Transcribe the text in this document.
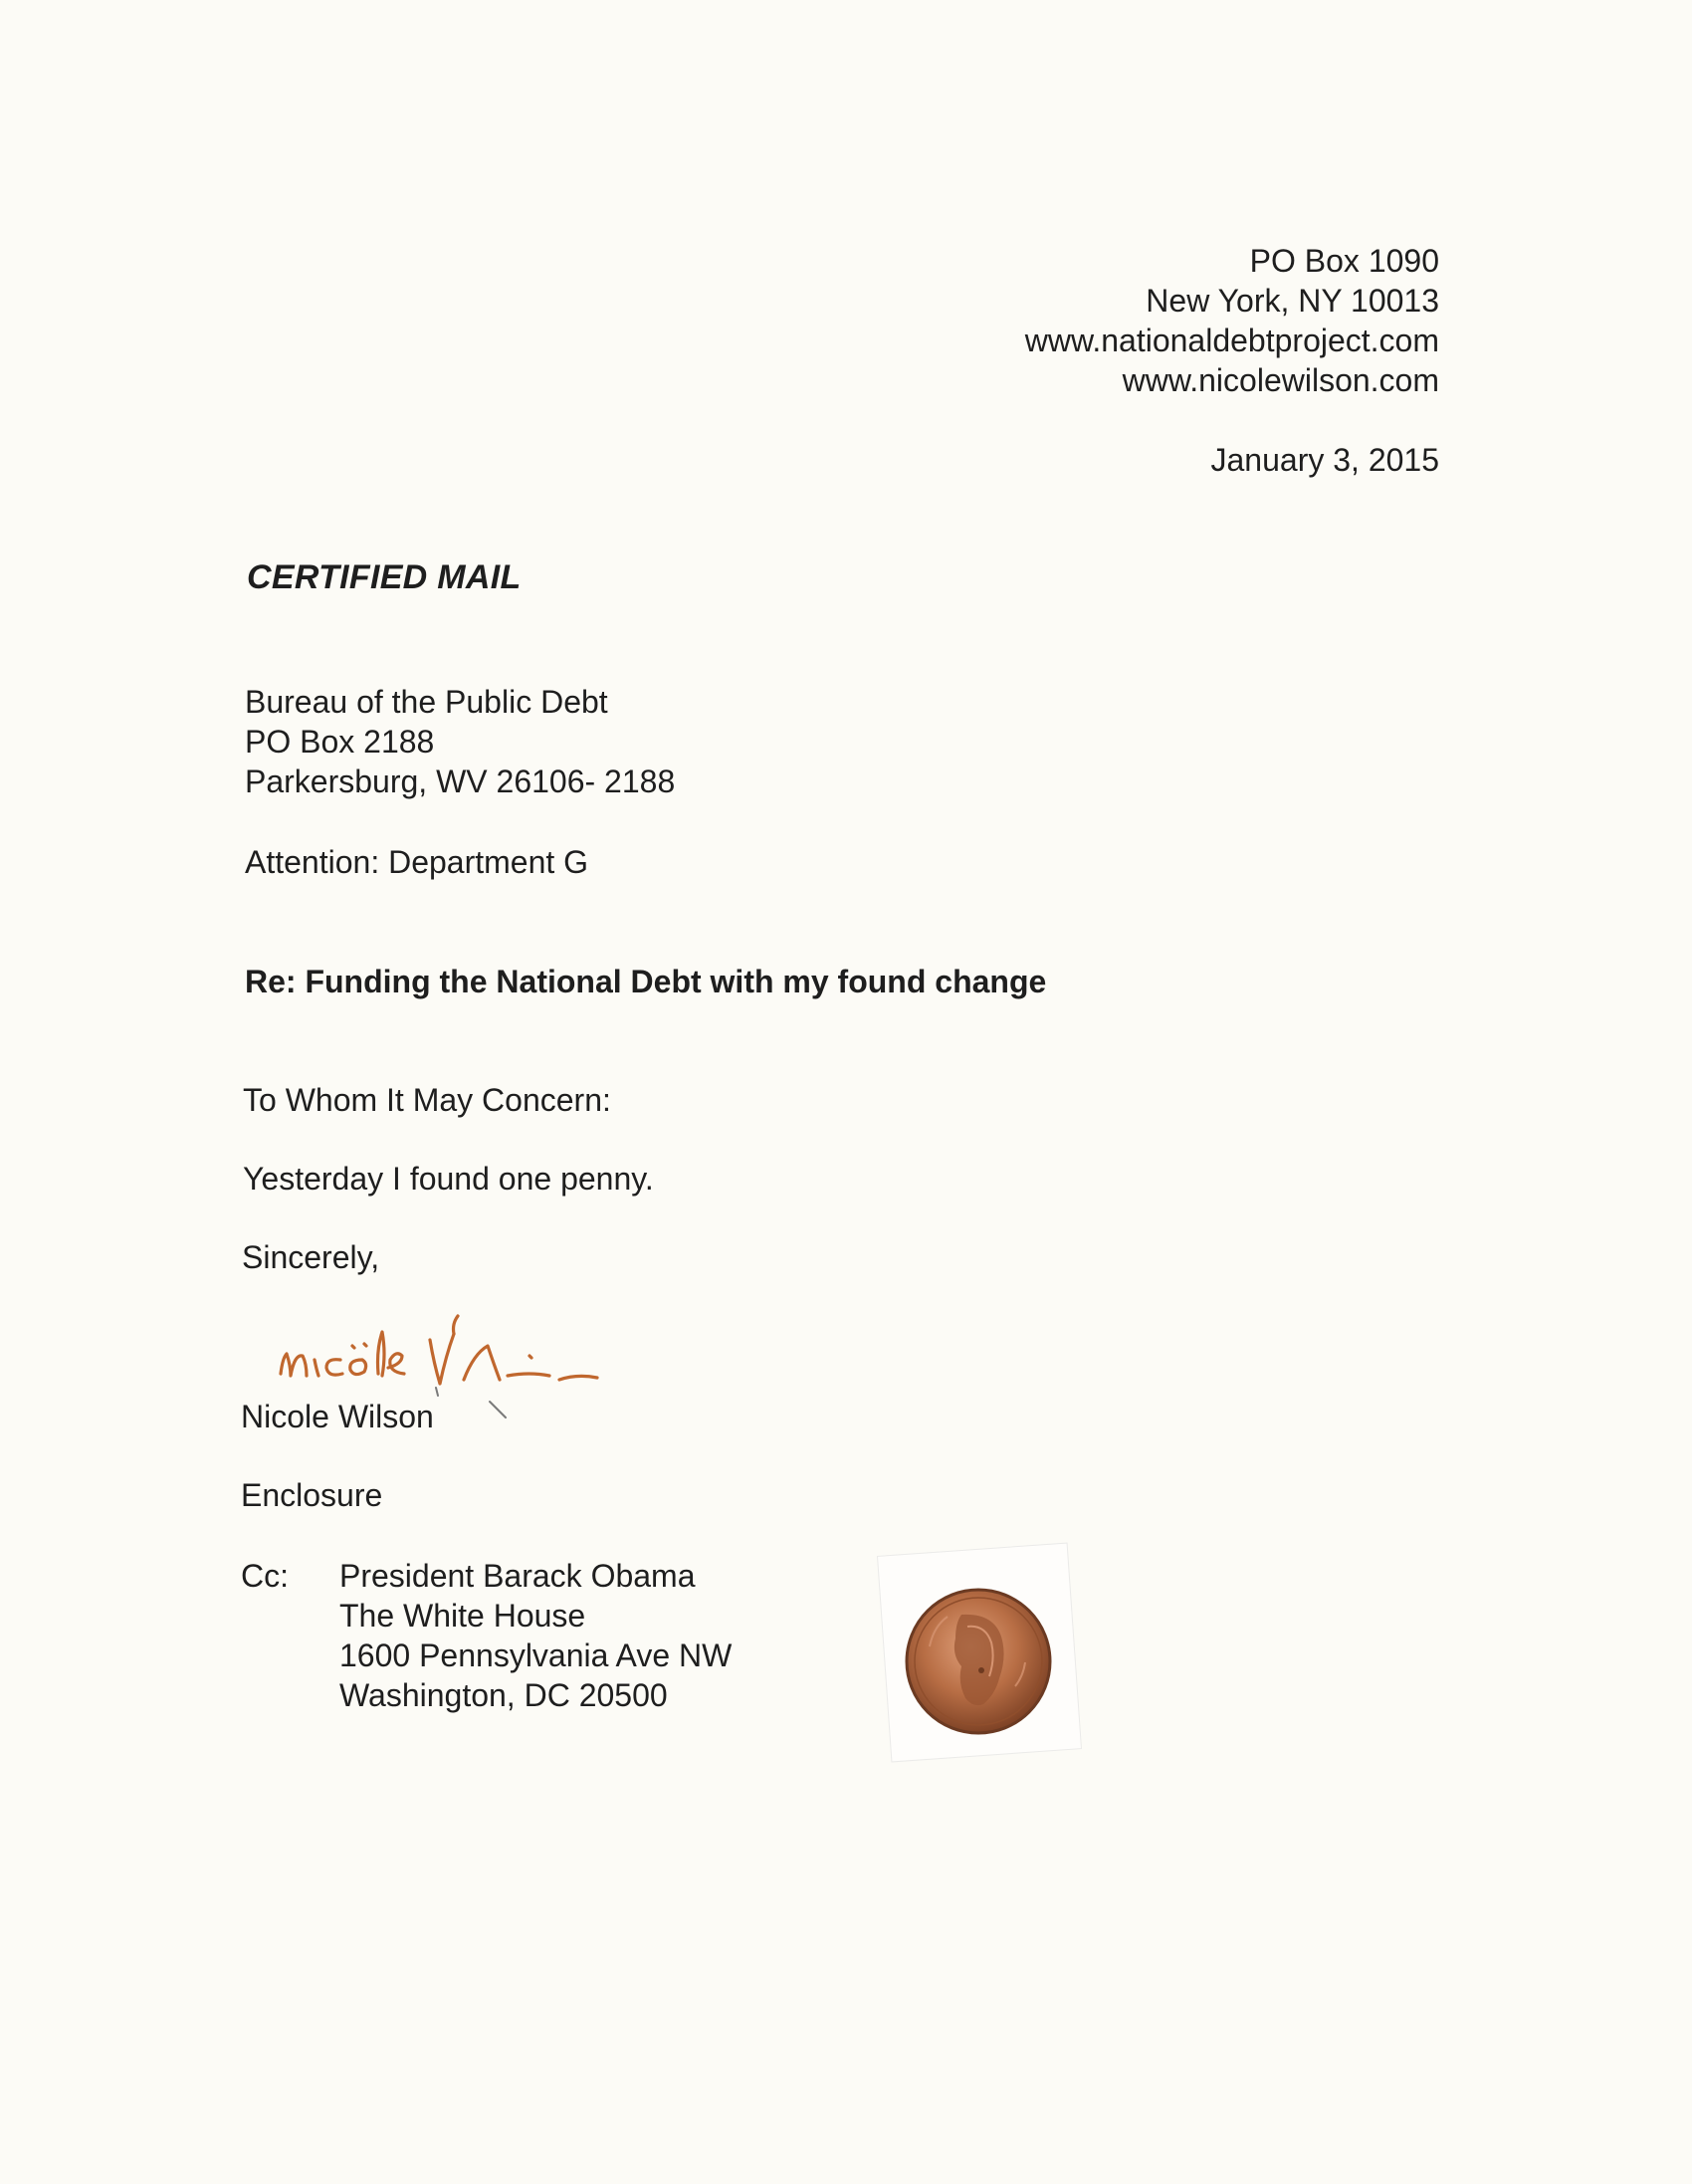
PO Box 1090
New York, NY 10013
www.nationaldebtproject.com
www.nicolewilson.com
January 3, 2015
CERTIFIED MAIL
Bureau of the Public Debt
PO Box 2188
Parkersburg, WV 26106- 2188
Attention: Department G
Re: Funding the National Debt with my found change
To Whom It May Concern:
Yesterday I found one penny.
Sincerely,
Nicole Wilson
Enclosure
Cc: President Barack Obama
The White House
1600 Pennsylvania Ave NW
Washington, DC 20500
